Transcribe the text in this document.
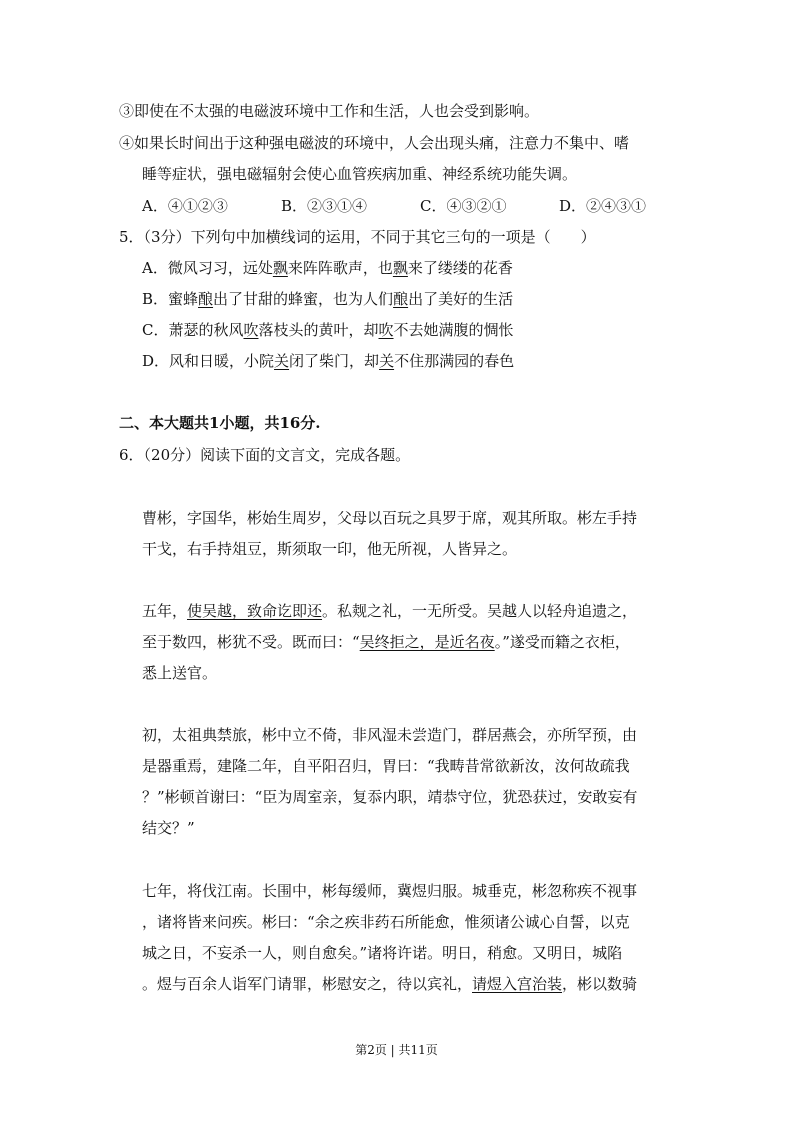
③即使在不太强的电磁波环境中工作和生活，人也会受到影响。
④如果长时间出于这种强电磁波的环境中，人会出现头痛，注意力不集中、嗜
睡等症状，强电磁辐射会使心血管疾病加重、神经系统功能失调。
A．④①②③	B．②③①④	C．④③②①	D．②④③①
5．（3分）下列句中加横线词的运用，不同于其它三句的一项是（　　）
A．微风习习，远处飘来阵阵歌声，也飘来了缕缕的花香
B．蜜蜂酿出了甘甜的蜂蜜，也为人们酿出了美好的生活
C．萧瑟的秋风吹落枝头的黄叶，却吹不去她满腹的惆怅
D．风和日暖，小院关闭了柴门，却关不住那满园的春色
二、本大题共1小题，共16分.
6．（20分）阅读下面的文言文，完成各题。
曹彬，字国华，彬始生周岁，父母以百玩之具罗于席，观其所取。彬左手持
干戈，右手持俎豆，斯须取一印，他无所视，人皆异之。
五年，使吴越，致命讫即还。私觌之礼，一无所受。吴越人以轻舟追遗之，
至于数四，彬犹不受。既而曰：“吴终拒之，是近名夜。”遂受而籍之衣柜，
悉上送官。
初，太祖典禁旅，彬中立不倚，非风湿未尝造门，群居燕会，亦所罕预，由
是器重焉，建隆二年，自平阳召归，胃曰：“我畴昔常欲新汝，汝何故疏我
？”彬顿首谢曰：“臣为周室亲，复忝内职，靖恭守位，犹恐获过，安敢妄有
结交？”
七年，将伐江南。长围中，彬每缓师，冀煜归服。城垂克，彬忽称疾不视事
，诸将皆来问疾。彬曰：“余之疾非药石所能愈，惟须诸公诚心自誓，以克
城之日，不妄杀一人，则自愈矣。”诸将许诺。明日，稍愈。又明日，城陷
。煜与百余人诣军门请罪，彬慰安之，待以宾礼，请煜入宫治装，彬以数骑
第2页 | 共11页
